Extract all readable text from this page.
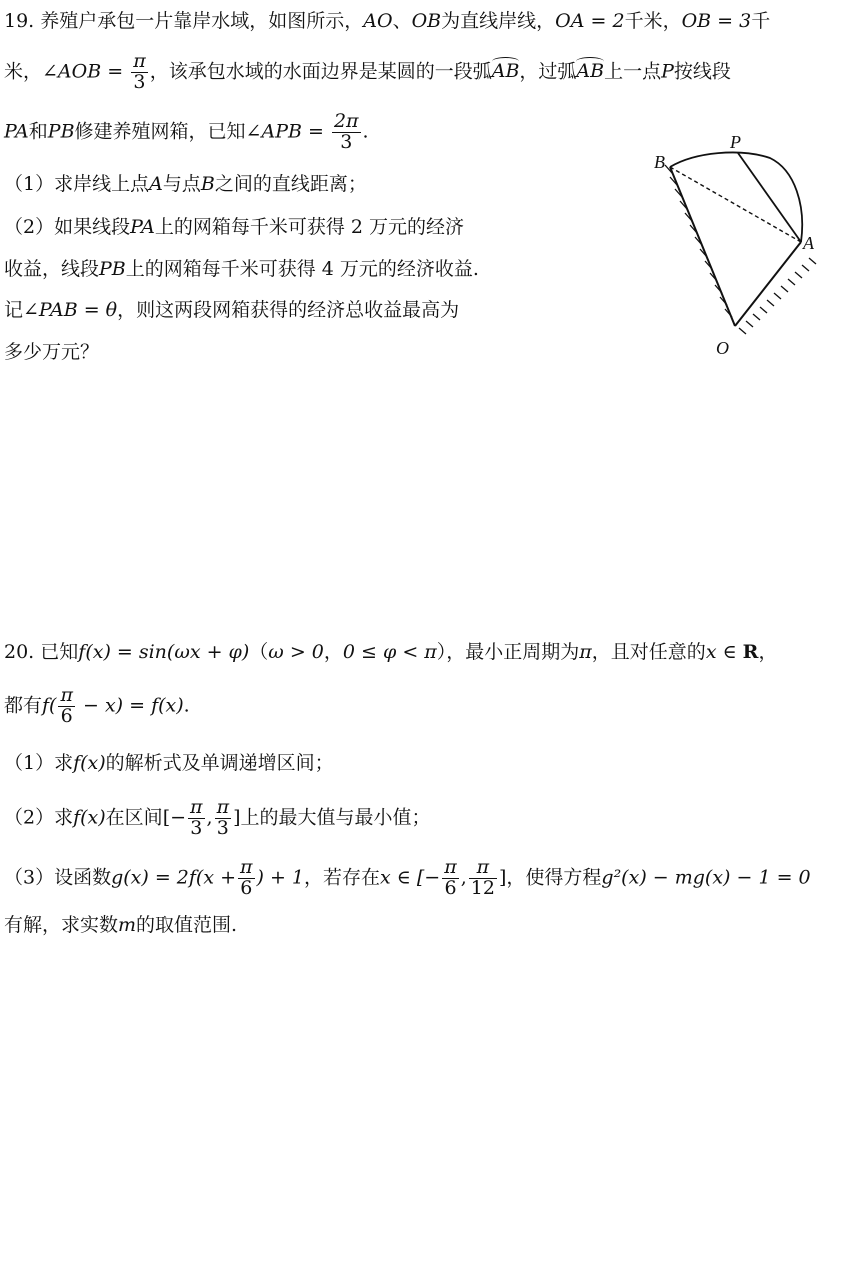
19. 养殖户承包一片靠岸水域，如图所示，AO、OB为直线岸线，OA = 2千米，OB = 3千
米，∠AOB = $\frac{\pi}{3}$ ，该承包水域的水面边界是某圆的一段弧AB，过弧AB上一点P按线段
PA和PB修建养殖网箱，已知∠APB = $\frac{2\pi}{3}$ .
（1）求岸线上点A与点B之间的直线距离；
（2）如果线段PA上的网箱每千米可获得 2 万元的经济
收益，线段PB上的网箱每千米可获得 4 万元的经济收益.
记∠PAB = θ，则这两段网箱获得的经济总收益最高为
多少万元？
B
P
A
O
20. 已知f(x) = sin(ωx + φ)（ω > 0，0 ≤ φ < π），最小正周期为π，且对任意的x ∈ R，
都有$f( \frac{\pi}{6} - x) = f(x)$.
（1）求f(x)的解析式及单调递增区间；
（2）求f(x)在区间[− $\frac{\pi}{3}$ , $\frac{\pi}{3}$ ]上的最大值与最小值；
（3）设函数$g(x) = 2f(x + \frac{\pi}{6}$ ) + 1，若存在x ∈ [− $\frac{\pi}{6}$ , $\frac{\pi}{12}$ ]，使得方程g²(x) − mg(x) − 1 = 0
有解，求实数m的取值范围.
